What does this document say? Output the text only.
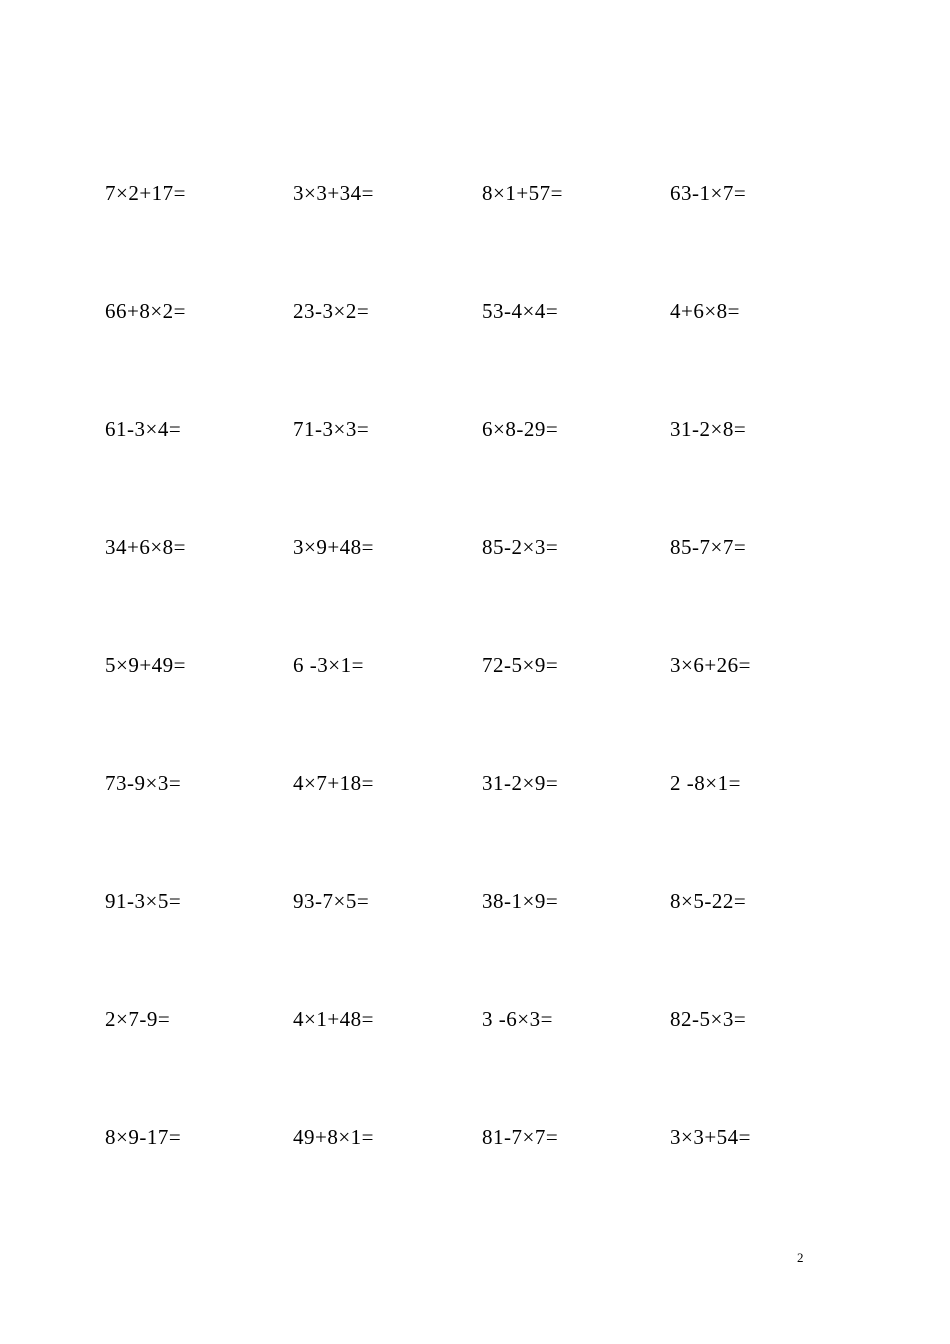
7×2+17=	3×3+34=	8×1+57=	63-1×7=
66+8×2=	23-3×2=	53-4×4=	4+6×8=
61-3×4=	71-3×3=	6×8-29=	31-2×8=
34+6×8=	3×9+48=	85-2×3=	85-7×7=
5×9+49=	6 -3×1=	72-5×9=	3×6+26=
73-9×3=	4×7+18=	31-2×9=	2 -8×1=
91-3×5=	93-7×5=	38-1×9=	8×5-22=
2×7-9=	4×1+48=	3 -6×3=	82-5×3=
8×9-17=	49+8×1=	81-7×7=	3×3+54=
2
